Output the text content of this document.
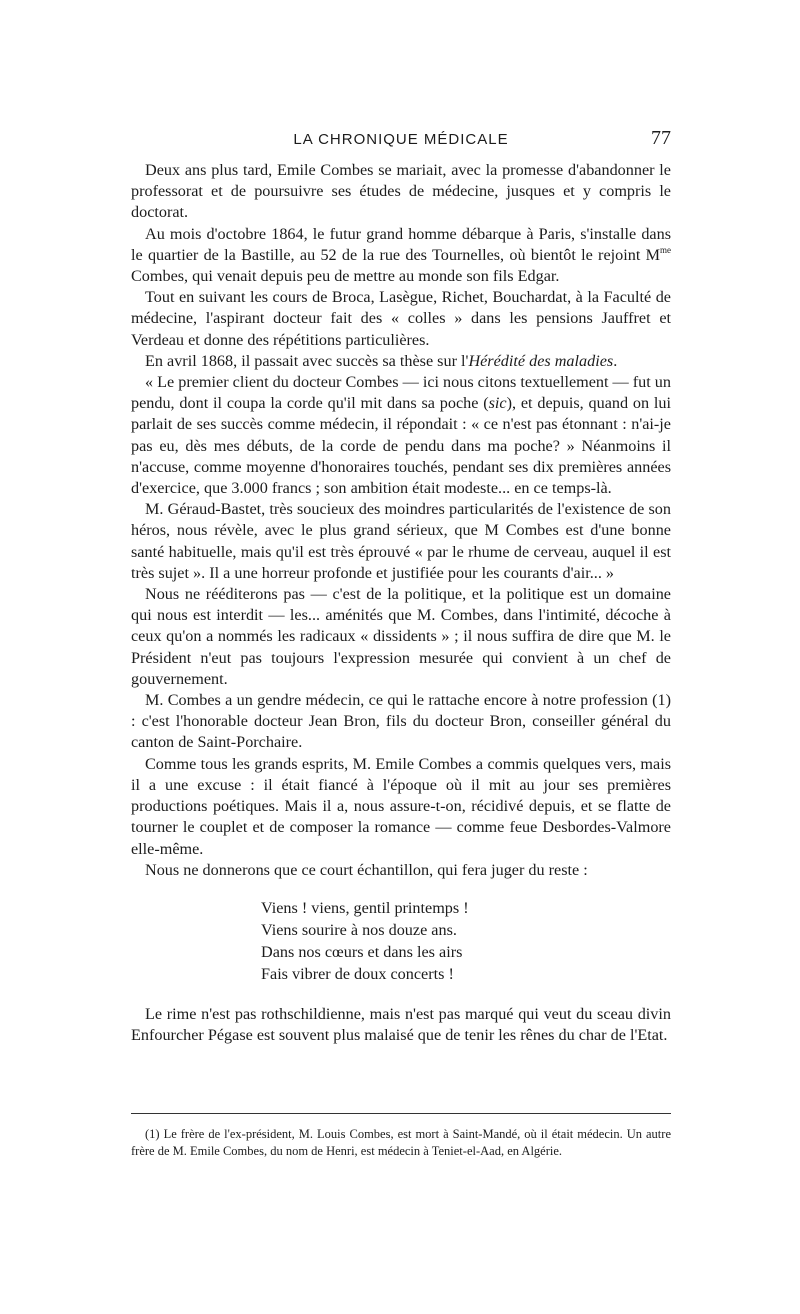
LA CHRONIQUE MÉDICALE	77

Deux ans plus tard, Emile Combes se mariait, avec la promesse d'abandonner le professorat et de poursuivre ses études de médecine, jusques et y compris le doctorat.

Au mois d'octobre 1864, le futur grand homme débarque à Paris, s'installe dans le quartier de la Bastille, au 52 de la rue des Tournelles, où bientôt le rejoint $M^{me}$ Combes, qui venait depuis peu de mettre au monde son fils Edgar.

Tout en suivant les cours de Broca, Lasègue, Richet, Bouchardat, à la Faculté de médecine, l'aspirant docteur fait des « colles » dans les pensions Jauffret et Verdeau et donne des répétitions particulières.

En avril 1868, il passait avec succès sa thèse sur l'Hérédité des maladies.

« Le premier client du docteur Combes — ici nous citons textuellement — fut un pendu, dont il coupa la corde qu'il mit dans sa poche (sic), et depuis, quand on lui parlait de ses succès comme médecin, il répondait : « ce n'est pas étonnant : n'ai-je pas eu, dès mes débuts, de la corde de pendu dans ma poche? » Néanmoins il n'accuse, comme moyenne d'honoraires touchés, pendant ses dix premières années d'exercice, que 3.000 francs ; son ambition était modeste... en ce temps-là.

M. Géraud-Bastet, très soucieux des moindres particularités de l'existence de son héros, nous révèle, avec le plus grand sérieux, que M Combes est d'une bonne santé habituelle, mais qu'il est très éprouvé « par le rhume de cerveau, auquel il est très sujet ». Il a une horreur profonde et justifiée pour les courants d'air... »

Nous ne rééditerons pas — c'est de la politique, et la politique est un domaine qui nous est interdit — les... aménités que M. Combes, dans l'intimité, décoche à ceux qu'on a nommés les radicaux « dissidents » ; il nous suffira de dire que M. le Président n'eut pas toujours l'expression mesurée qui convient à un chef de gouvernement.

M. Combes a un gendre médecin, ce qui le rattache encore à notre profession (1) : c'est l'honorable docteur Jean Bron, fils du docteur Bron, conseiller général du canton de Saint-Porchaire.

Comme tous les grands esprits, M. Emile Combes a commis quelques vers, mais il a une excuse : il était fiancé à l'époque où il mit au jour ses premières productions poétiques. Mais il a, nous assure-t-on, récidivé depuis, et se flatte de tourner le couplet et de composer la romance — comme feue Desbordes-Valmore elle-même.

Nous ne donnerons que ce court échantillon, qui fera juger du reste :

Viens ! viens, gentil printemps !
Viens sourire à nos douze ans.
Dans nos cœurs et dans les airs
Fais vibrer de doux concerts !

Le rime n'est pas rothschildienne, mais n'est pas marqué qui veut du sceau divin Enfourcher Pégase est souvent plus malaisé que de tenir les rênes du char de l'Etat.

(1) Le frère de l'ex-président, M. Louis Combes, est mort à Saint-Mandé, où il était médecin. Un autre frère de M. Emile Combes, du nom de Henri, est médecin à Teniet-el-Aad, en Algérie.
